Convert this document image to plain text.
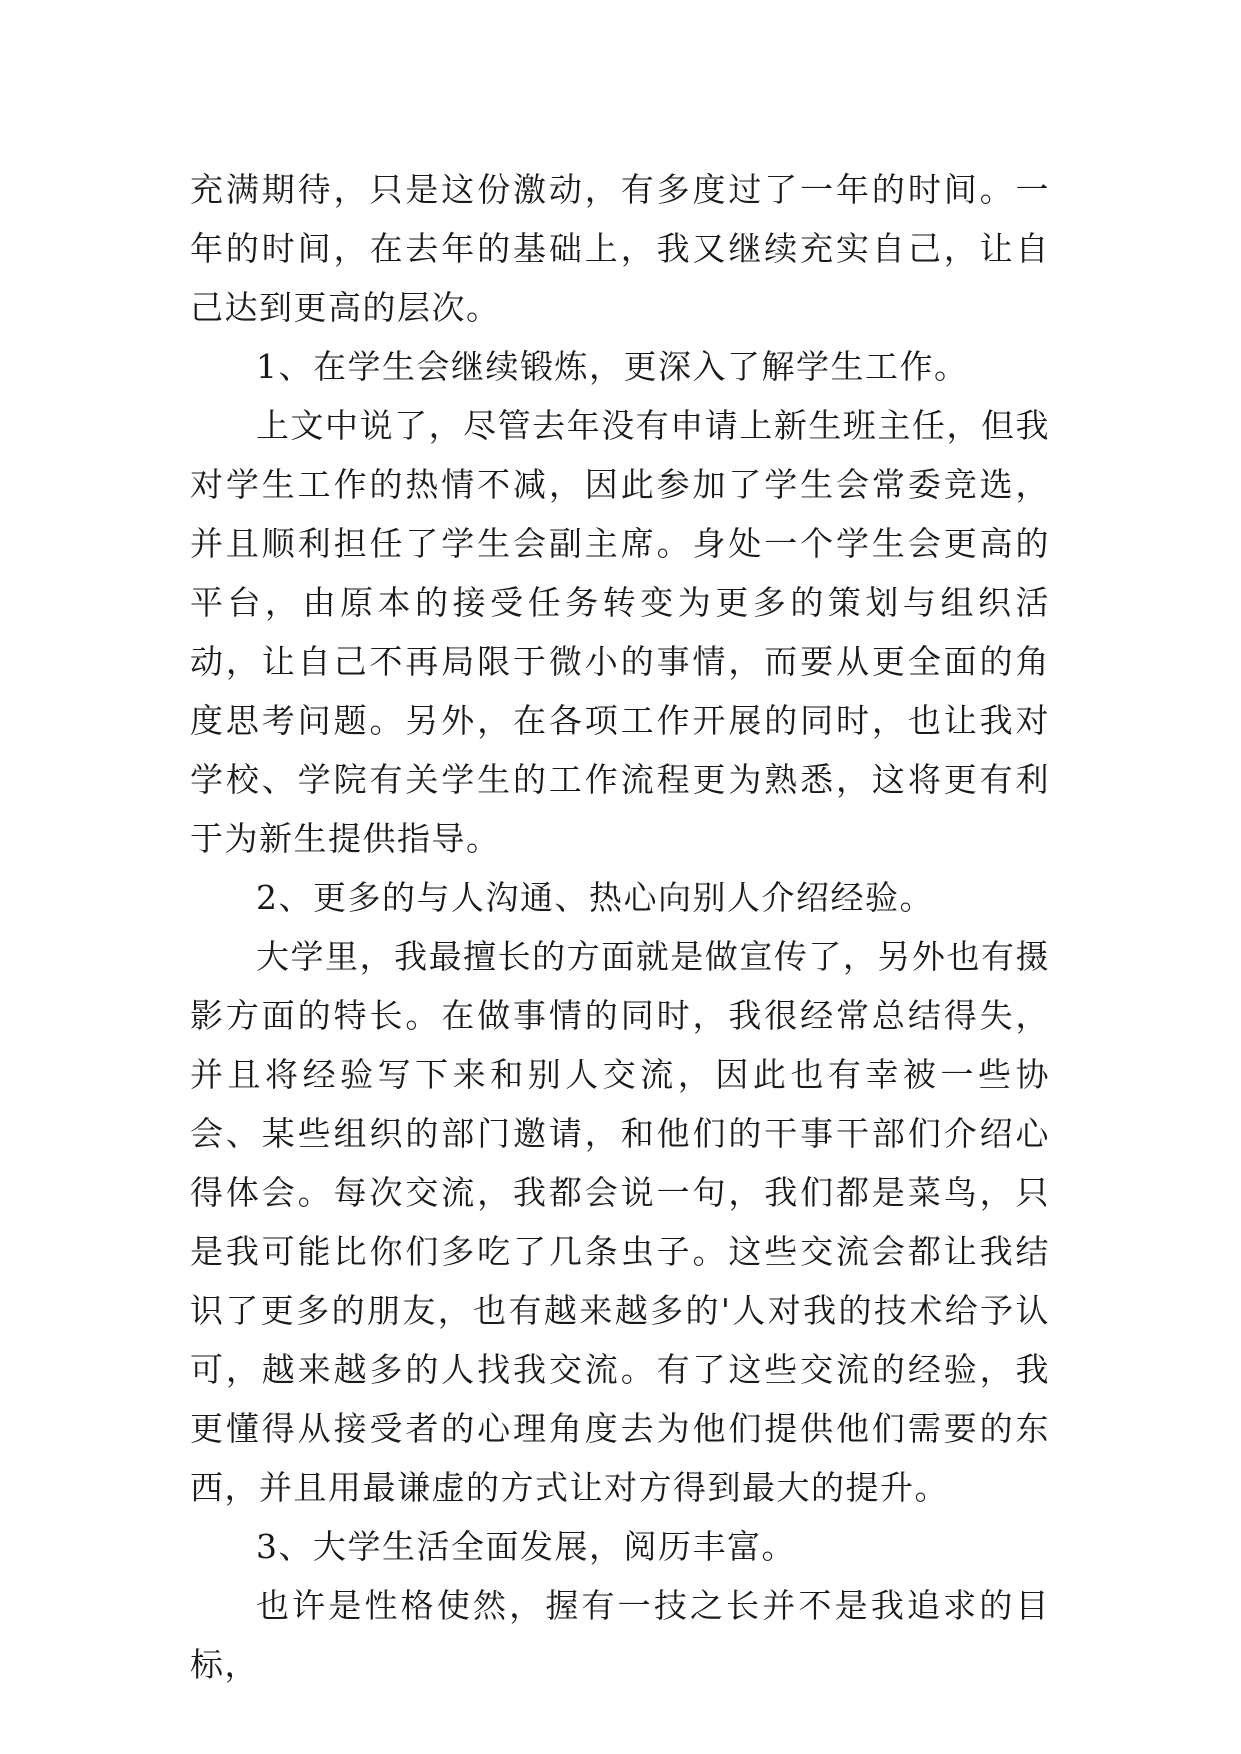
充满期待，只是这份激动，有多度过了一年的时间。一年的时间，在去年的基础上，我又继续充实自己，让自己达到更高的层次。

1、在学生会继续锻炼，更深入了解学生工作。

上文中说了，尽管去年没有申请上新生班主任，但我对学生工作的热情不减，因此参加了学生会常委竞选，并且顺利担任了学生会副主席。身处一个学生会更高的平台，由原本的接受任务转变为更多的策划与组织活动，让自己不再局限于微小的事情，而要从更全面的角度思考问题。另外，在各项工作开展的同时，也让我对学校、学院有关学生的工作流程更为熟悉，这将更有利于为新生提供指导。

2、更多的与人沟通、热心向别人介绍经验。

大学里，我最擅长的方面就是做宣传了，另外也有摄影方面的特长。在做事情的同时，我很经常总结得失，并且将经验写下来和别人交流，因此也有幸被一些协会、某些组织的部门邀请，和他们的干事干部们介绍心得体会。每次交流，我都会说一句，我们都是菜鸟，只是我可能比你们多吃了几条虫子。这些交流会都让我结识了更多的朋友，也有越来越多的'人对我的技术给予认可，越来越多的人找我交流。有了这些交流的经验，我更懂得从接受者的心理角度去为他们提供他们需要的东西，并且用最谦虚的方式让对方得到最大的提升。

3、大学生活全面发展，阅历丰富。

也许是性格使然，握有一技之长并不是我追求的目标，
